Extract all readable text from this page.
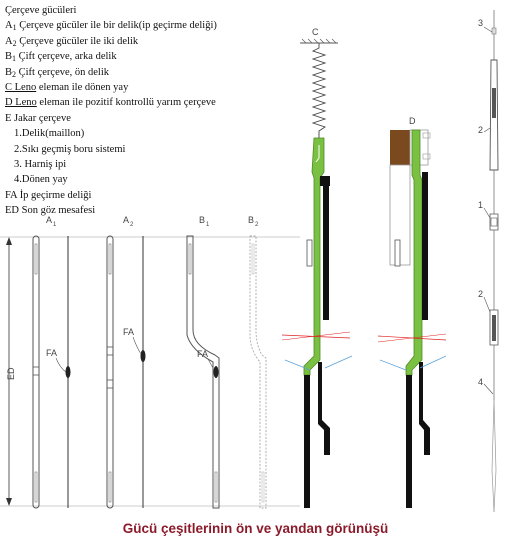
Çerçeve gücüleri
A1 Çerçeve gücüler ile bir delik(ip geçirme deliği)
A2 Çerçeve gücüler ile iki delik
B1 Çift çerçeve, arka delik
B2 Çift çerçeve, ön delik
C Leno eleman ile dönen yay
D Leno eleman ile pozitif kontrollü yarım çerçeve
E Jakar çerçeve
1.Delik(maillon)
2.Sıkı geçmiş boru sistemi
3. Harniş ipi
4.Dönen yay
FA İp geçirme deliği
ED Son göz mesafesi
ED
A 1
FA
A 2
FA
B 1
FA
B 2
C
D
3
2
1
2
4
Gücü çeşitlerinin ön ve yandan görünüşü
